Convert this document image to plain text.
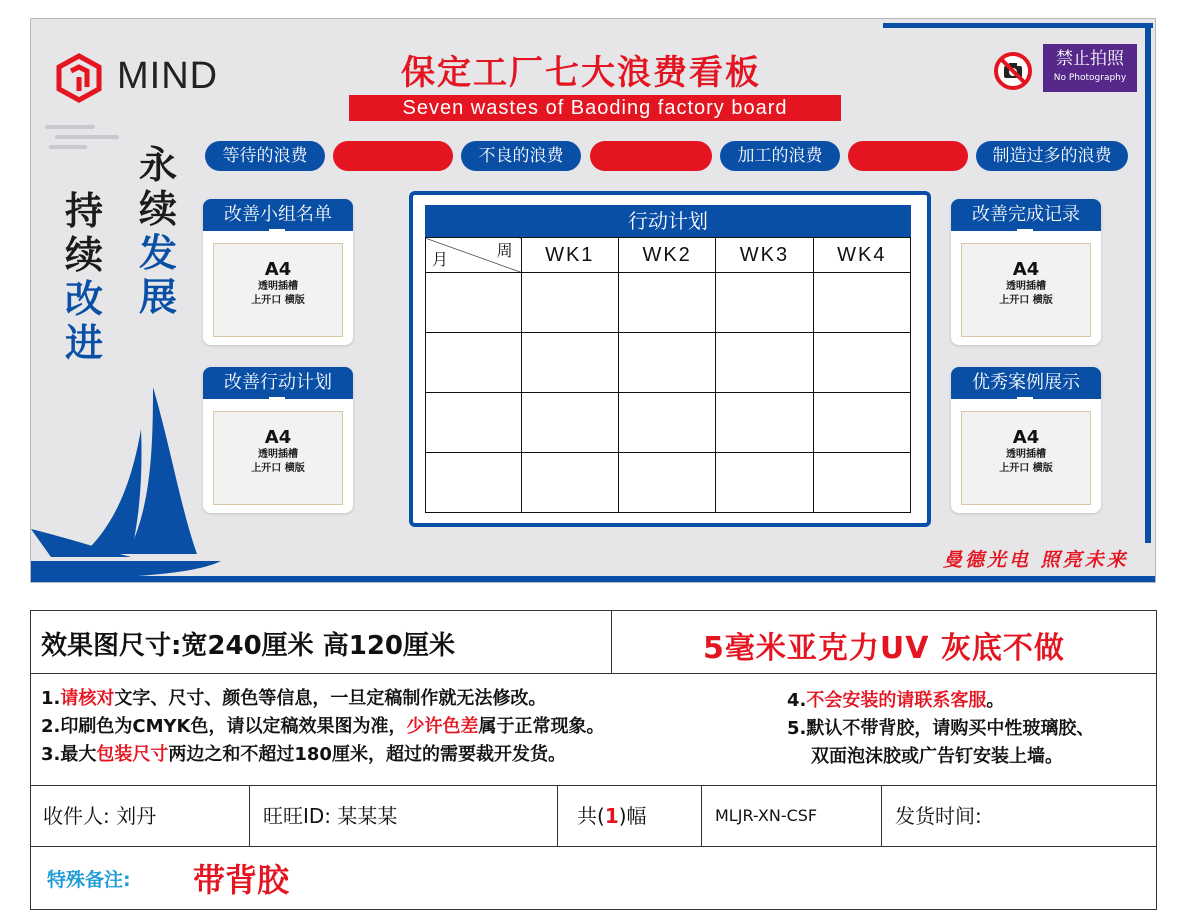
MIND	保定工厂七大浪费看板
Seven wastes of Baoding factory board
禁止拍照
No Photography
等待的浪费	搬运的浪费	不良的浪费	动作的浪费	加工的浪费	库存的浪费	制造过多的浪费
持
续
改
进
永
续
发
展
改善小组名单
A4
透明插槽
上开口 横版
改善行动计划
A4
透明插槽
上开口 横版
改善完成记录
A4
透明插槽
上开口 横版
优秀案例展示
A4
透明插槽
上开口 横版
行动计划
周
月	WK1	WK2	WK3	WK4

曼德光电 照亮未来
效果图尺寸:宽240厘米 高120厘米	5毫米亚克力UV 灰底不做
1.请核对文字、尺寸、颜色等信息，一旦定稿制作就无法修改。
2.印刷色为CMYK色，请以定稿效果图为准，少许色差属于正常现象。
3.最大包装尺寸两边之和不超过180厘米，超过的需要裁开发货。
4.不会安装的请联系客服。
5.默认不带背胶，请购买中性玻璃胶、
双面泡沫胶或广告钉安装上墙。
收件人: 刘丹	旺旺ID: 某某某	共(1)幅	MLJR-XN-CSF	发货时间:
特殊备注: 带背胶
